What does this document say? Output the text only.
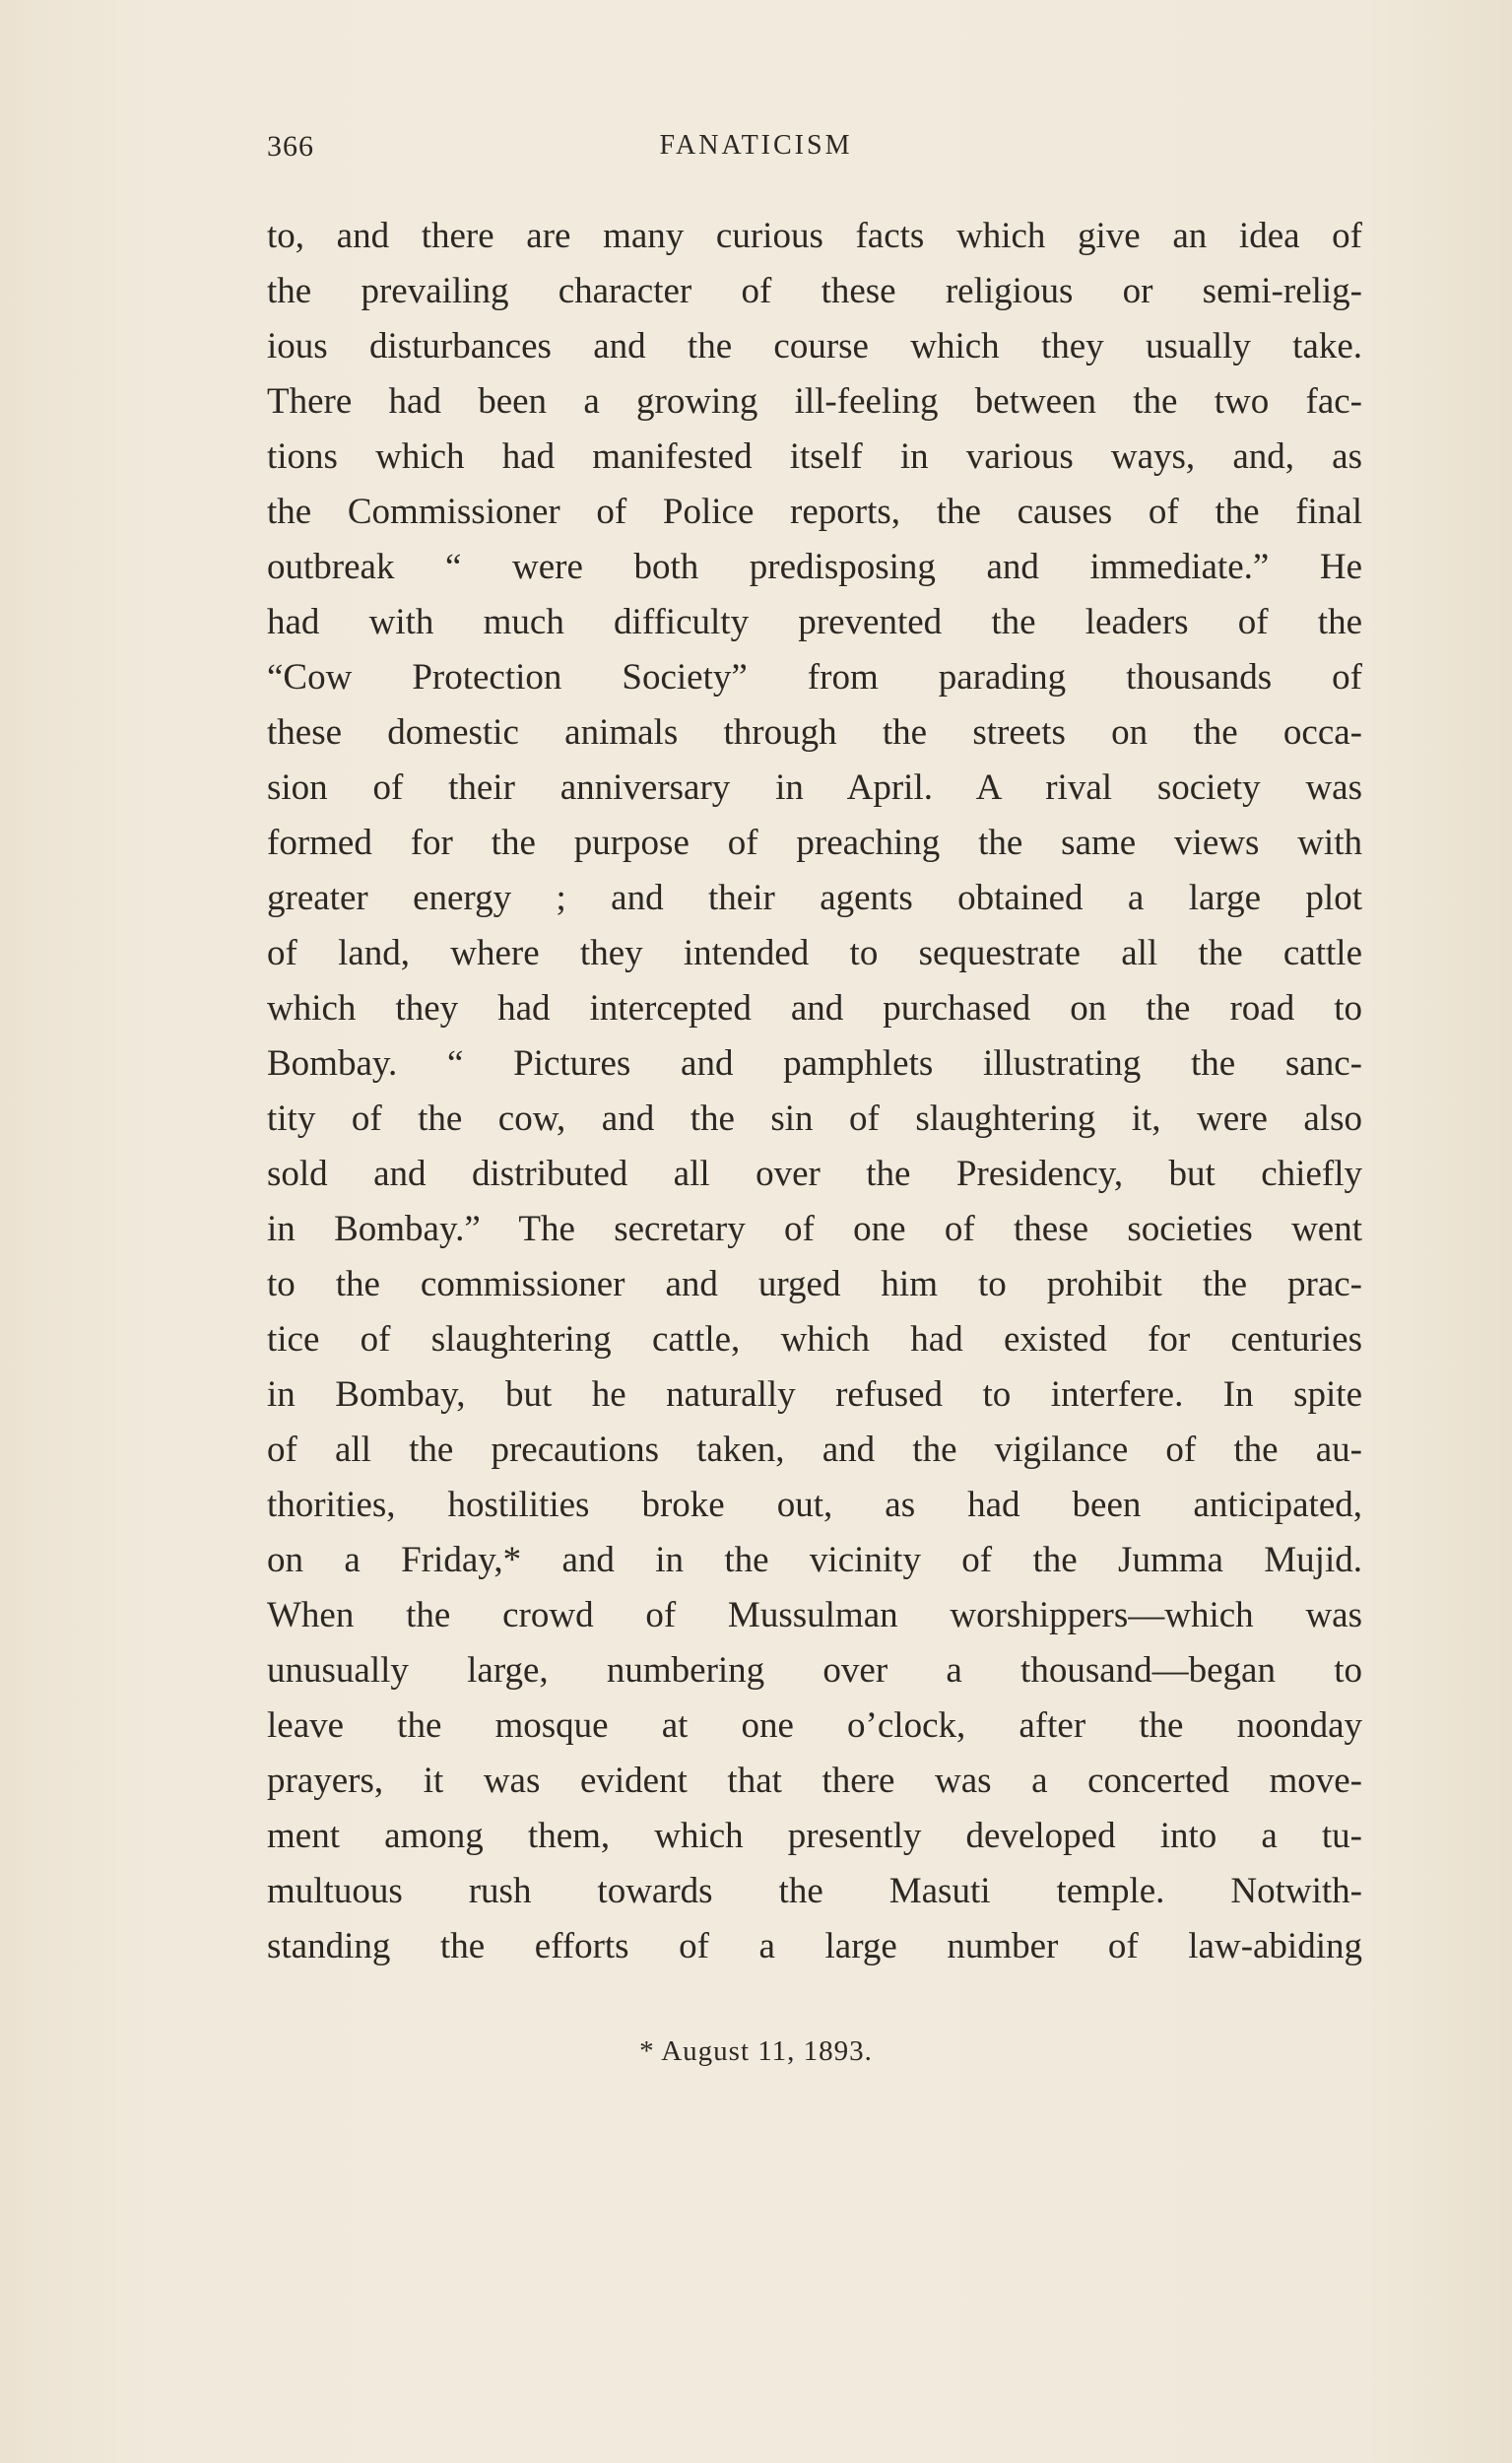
366	FANATICISM
to, and there are many curious facts which give an idea of
the prevailing character of these religious or semi-relig-
ious disturbances and the course which they usually take.
There had been a growing ill-feeling between the two fac-
tions which had manifested itself in various ways, and, as
the Commissioner of Police reports, the causes of the final
outbreak “ were both predisposing and immediate.” He
had with much difficulty prevented the leaders of the
“Cow Protection Society” from parading thousands of
these domestic animals through the streets on the occa-
sion of their anniversary in April. A rival society was
formed for the purpose of preaching the same views with
greater energy ; and their agents obtained a large plot
of land, where they intended to sequestrate all the cattle
which they had intercepted and purchased on the road to
Bombay. “ Pictures and pamphlets illustrating the sanc-
tity of the cow, and the sin of slaughtering it, were also
sold and distributed all over the Presidency, but chiefly
in Bombay.” The secretary of one of these societies went
to the commissioner and urged him to prohibit the prac-
tice of slaughtering cattle, which had existed for centuries
in Bombay, but he naturally refused to interfere. In spite
of all the precautions taken, and the vigilance of the au-
thorities, hostilities broke out, as had been anticipated,
on a Friday,* and in the vicinity of the Jumma Mujid.
When the crowd of Mussulman worshippers—which was
unusually large, numbering over a thousand—began to
leave the mosque at one o’clock, after the noonday
prayers, it was evident that there was a concerted move-
ment among them, which presently developed into a tu-
multuous rush towards the Masuti temple. Notwith-
standing the efforts of a large number of law-abiding
* August 11, 1893.
